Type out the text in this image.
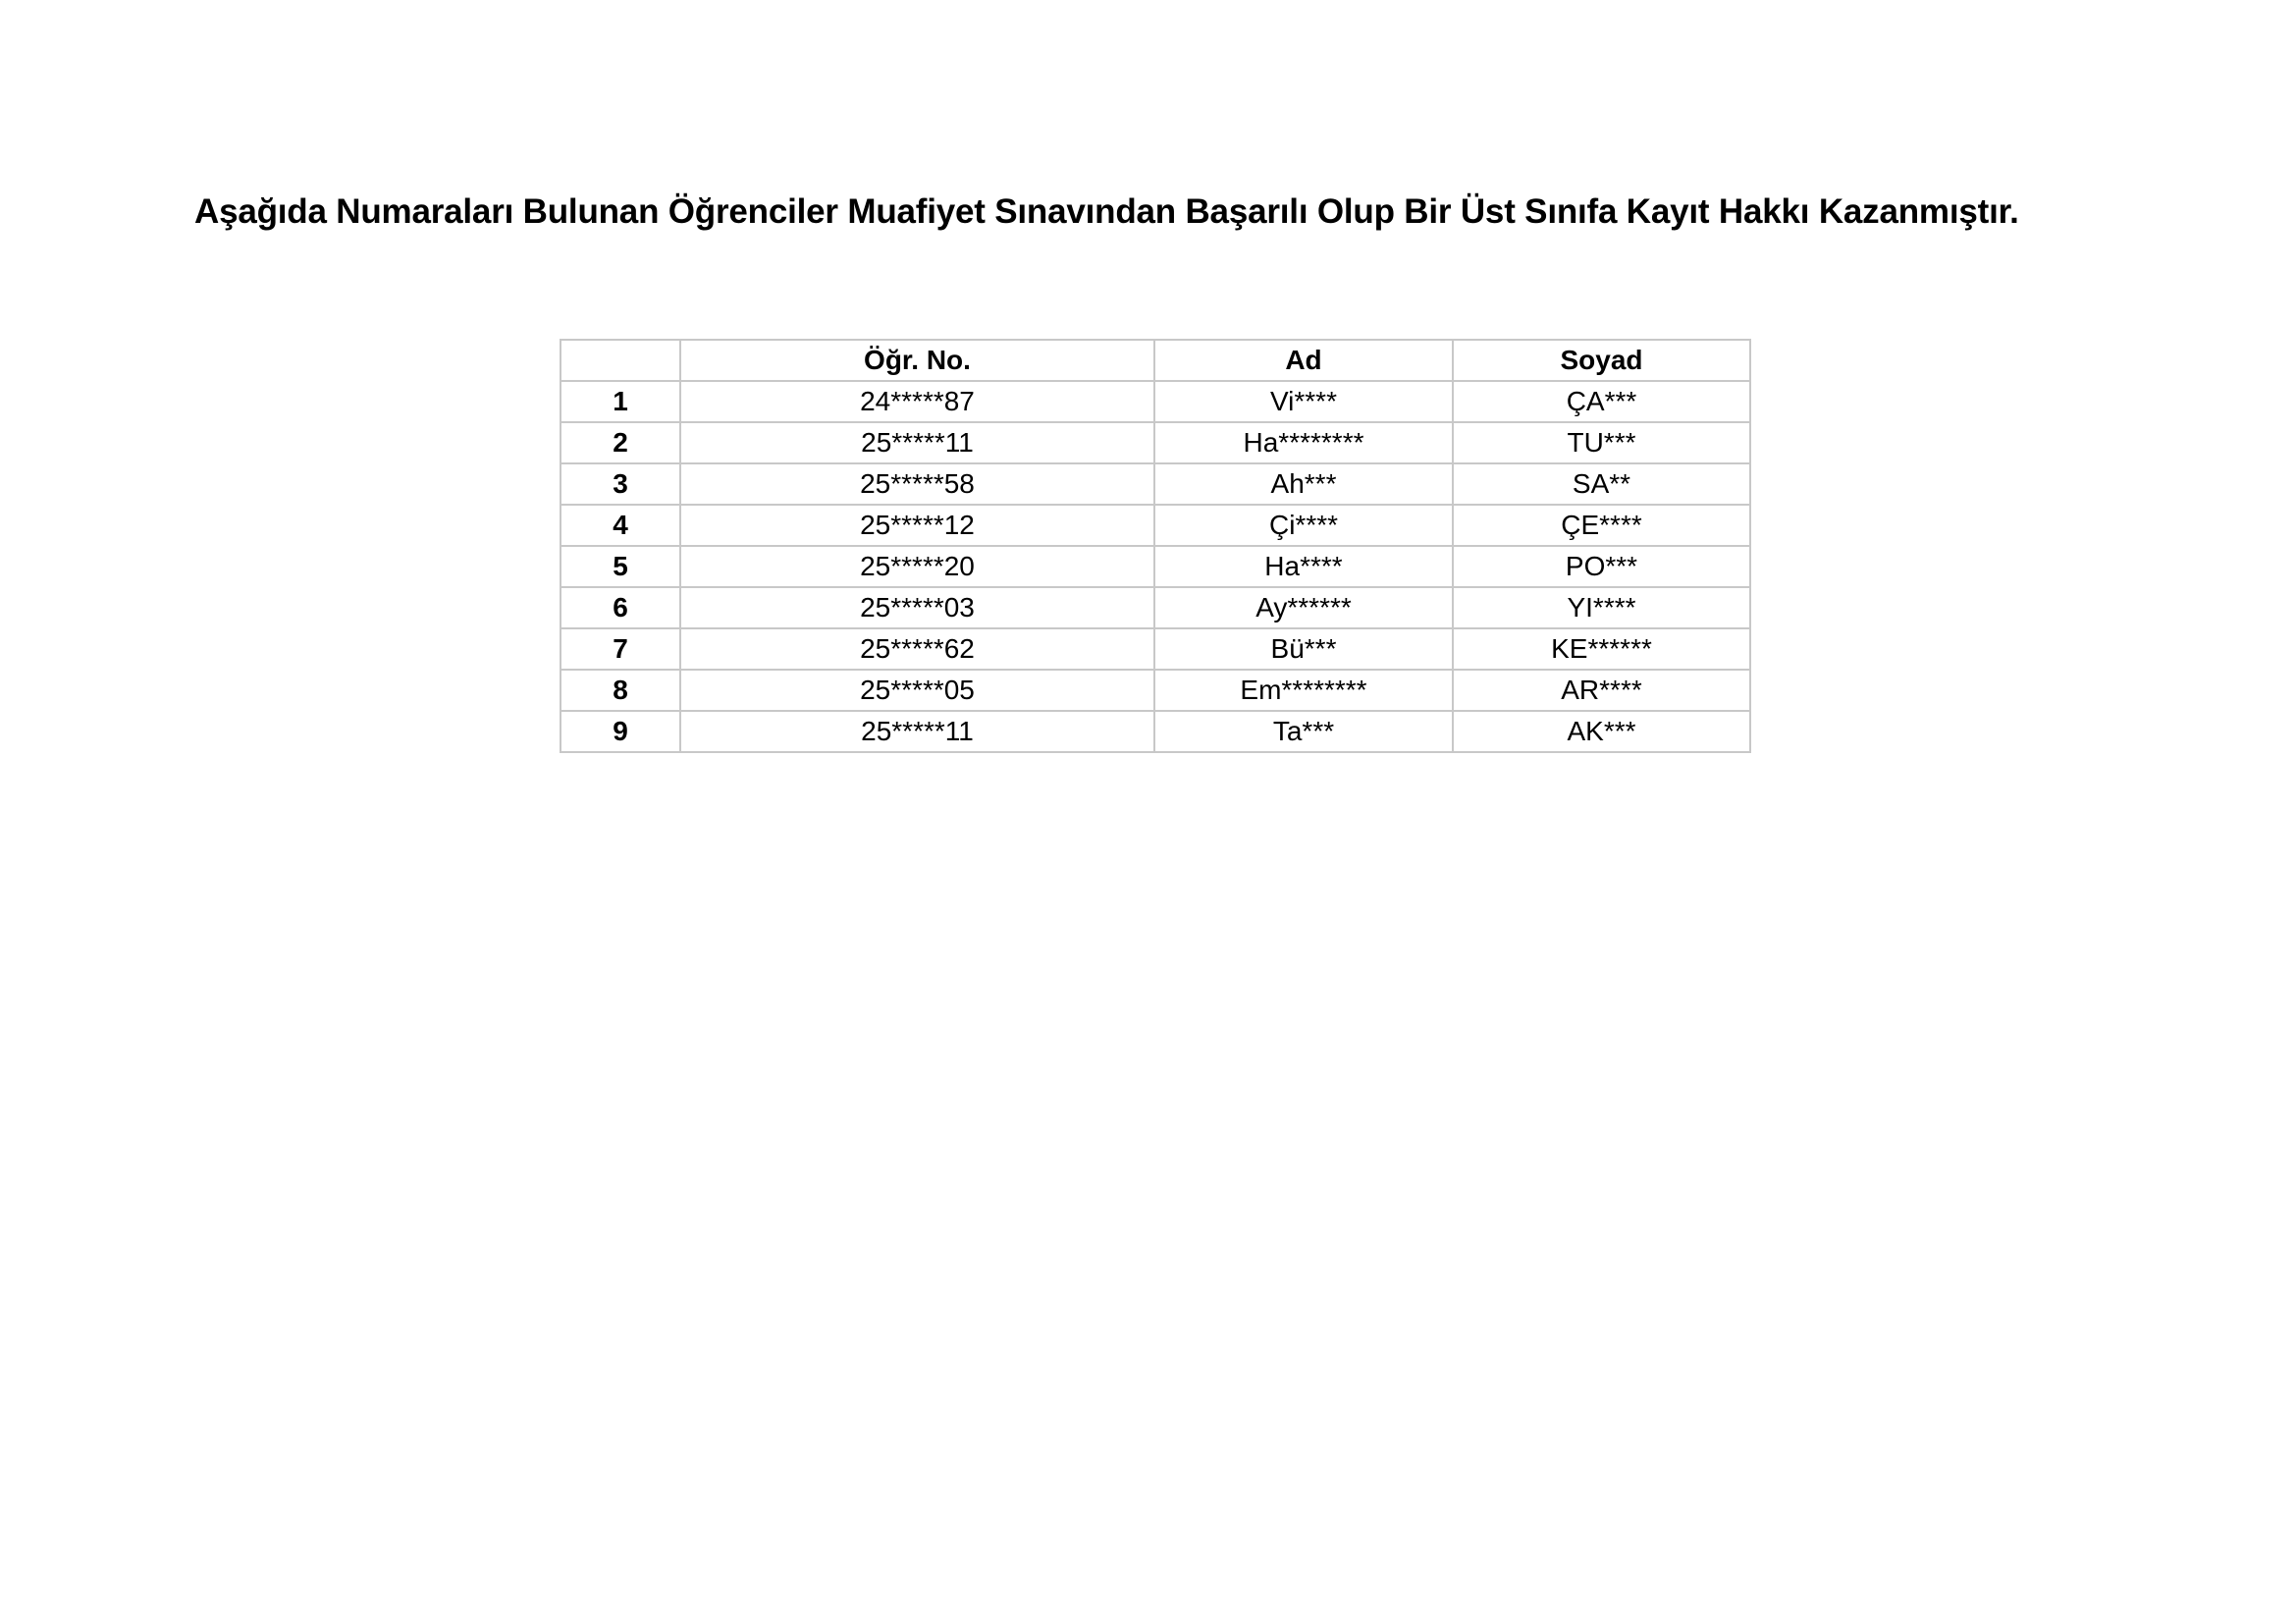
Aşağıda Numaraları Bulunan Öğrenciler Muafiyet Sınavından Başarılı Olup Bir Üst Sınıfa Kayıt Hakkı Kazanmıştır.
	Öğr. No.	Ad	Soyad
1	24*****87	Vi****	ÇA***
2	25*****11	Ha********	TU***
3	25*****58	Ah***	SA**
4	25*****12	Çi****	ÇE****
5	25*****20	Ha****	PO***
6	25*****03	Ay******	YI****
7	25*****62	Bü***	KE******
8	25*****05	Em********	AR****
9	25*****11	Ta***	AK***
